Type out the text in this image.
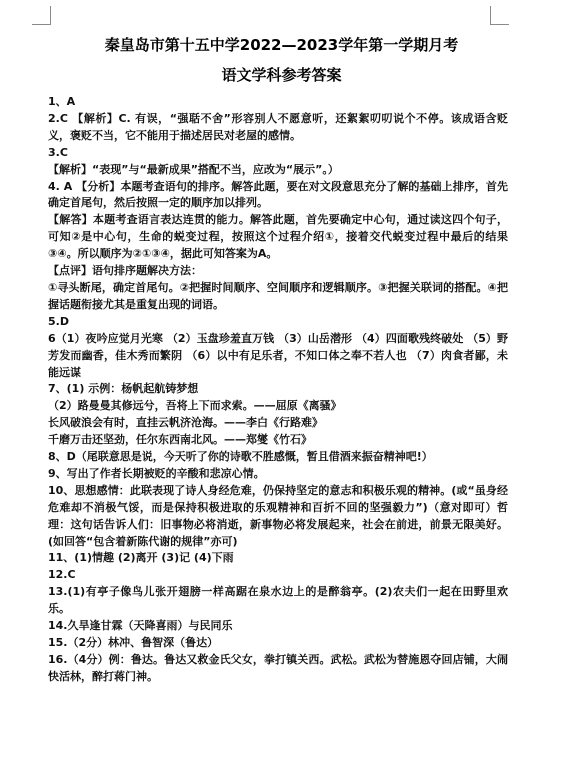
秦皇岛市第十五中学2022—2023学年第一学期月考
语文学科参考答案

1、A

2.C 【解析】C. 有误，“强聒不舍”形容别人不愿意听，还絮絮叨叨说个不停。该成语含贬义，褒贬不当，它不能用于描述居民对老屋的感情。

3.C

【解析】“表现”与“最新成果”搭配不当，应改为“展示”。）

4. A 【分析】本题考查语句的排序。解答此题，要在对文段意思充分了解的基础上排序，首先确定首尾句，然后按照一定的顺序加以排列。

【解答】本题考查语言表达连贯的能力。解答此题，首先要确定中心句，通过读这四个句子，可知②是中心句，生命的蜕变过程，按照这个过程介绍①，接着交代蜕变过程中最后的结果③④。所以顺序为②①③④，据此可知答案为A。

【点评】语句排序题解决方法：

①寻头断尾，确定首尾句。②把握时间顺序、空间顺序和逻辑顺序。③把握关联词的搭配。④把握话题衔接尤其是重复出现的词语。

5.D

6（1）夜吟应觉月光寒 （2）玉盘珍羞直万钱 （3）山岳潜形 （4）四面歌残终破处 （5）野芳发而幽香，佳木秀而繁阴 （6）以中有足乐者，不知口体之奉不若人也 （7）肉食者鄙，未能远谋

7、(1) 示例：杨帆起航铸梦想

（2）路曼曼其修远兮，吾将上下而求索。——屈原《离骚》

长风破浪会有时，直挂云帆济沧海。——李白《行路难》

千磨万击还坚劲，任尔东西南北风。——郑燮《竹石》

8、D（尾联意思是说，今天听了你的诗歌不胜感慨，暂且借酒来振奋精神吧!）

9、写出了作者长期被贬的辛酸和悲凉心情。

10、思想感情：此联表现了诗人身经危难，仍保持坚定的意志和积极乐观的精神。(或“虽身经危难却不消极气馁，而是保持积极进取的乐观精神和百折不回的坚强毅力”)（意对即可）哲理：这句话告诉人们：旧事物必将消逝，新事物必将发展起来，社会在前进，前景无限美好。(如回答“包含着新陈代谢的规律”亦可)

11、(1)情趣 (2)离开 (3)记 (4)下雨

12.C

13.(1)有亭子像鸟儿张开翅膀一样高踞在泉水边上的是醉翁亭。(2)农夫们一起在田野里欢乐。

14.久旱逢甘霖（天降喜雨）与民同乐

15.（2分）林冲、鲁智深（鲁达）

16.（4分）例：鲁达。鲁达又救金氏父女，拳打镇关西。武松。武松为替施恩夺回店铺，大闹快活林，醉打蒋门神。
